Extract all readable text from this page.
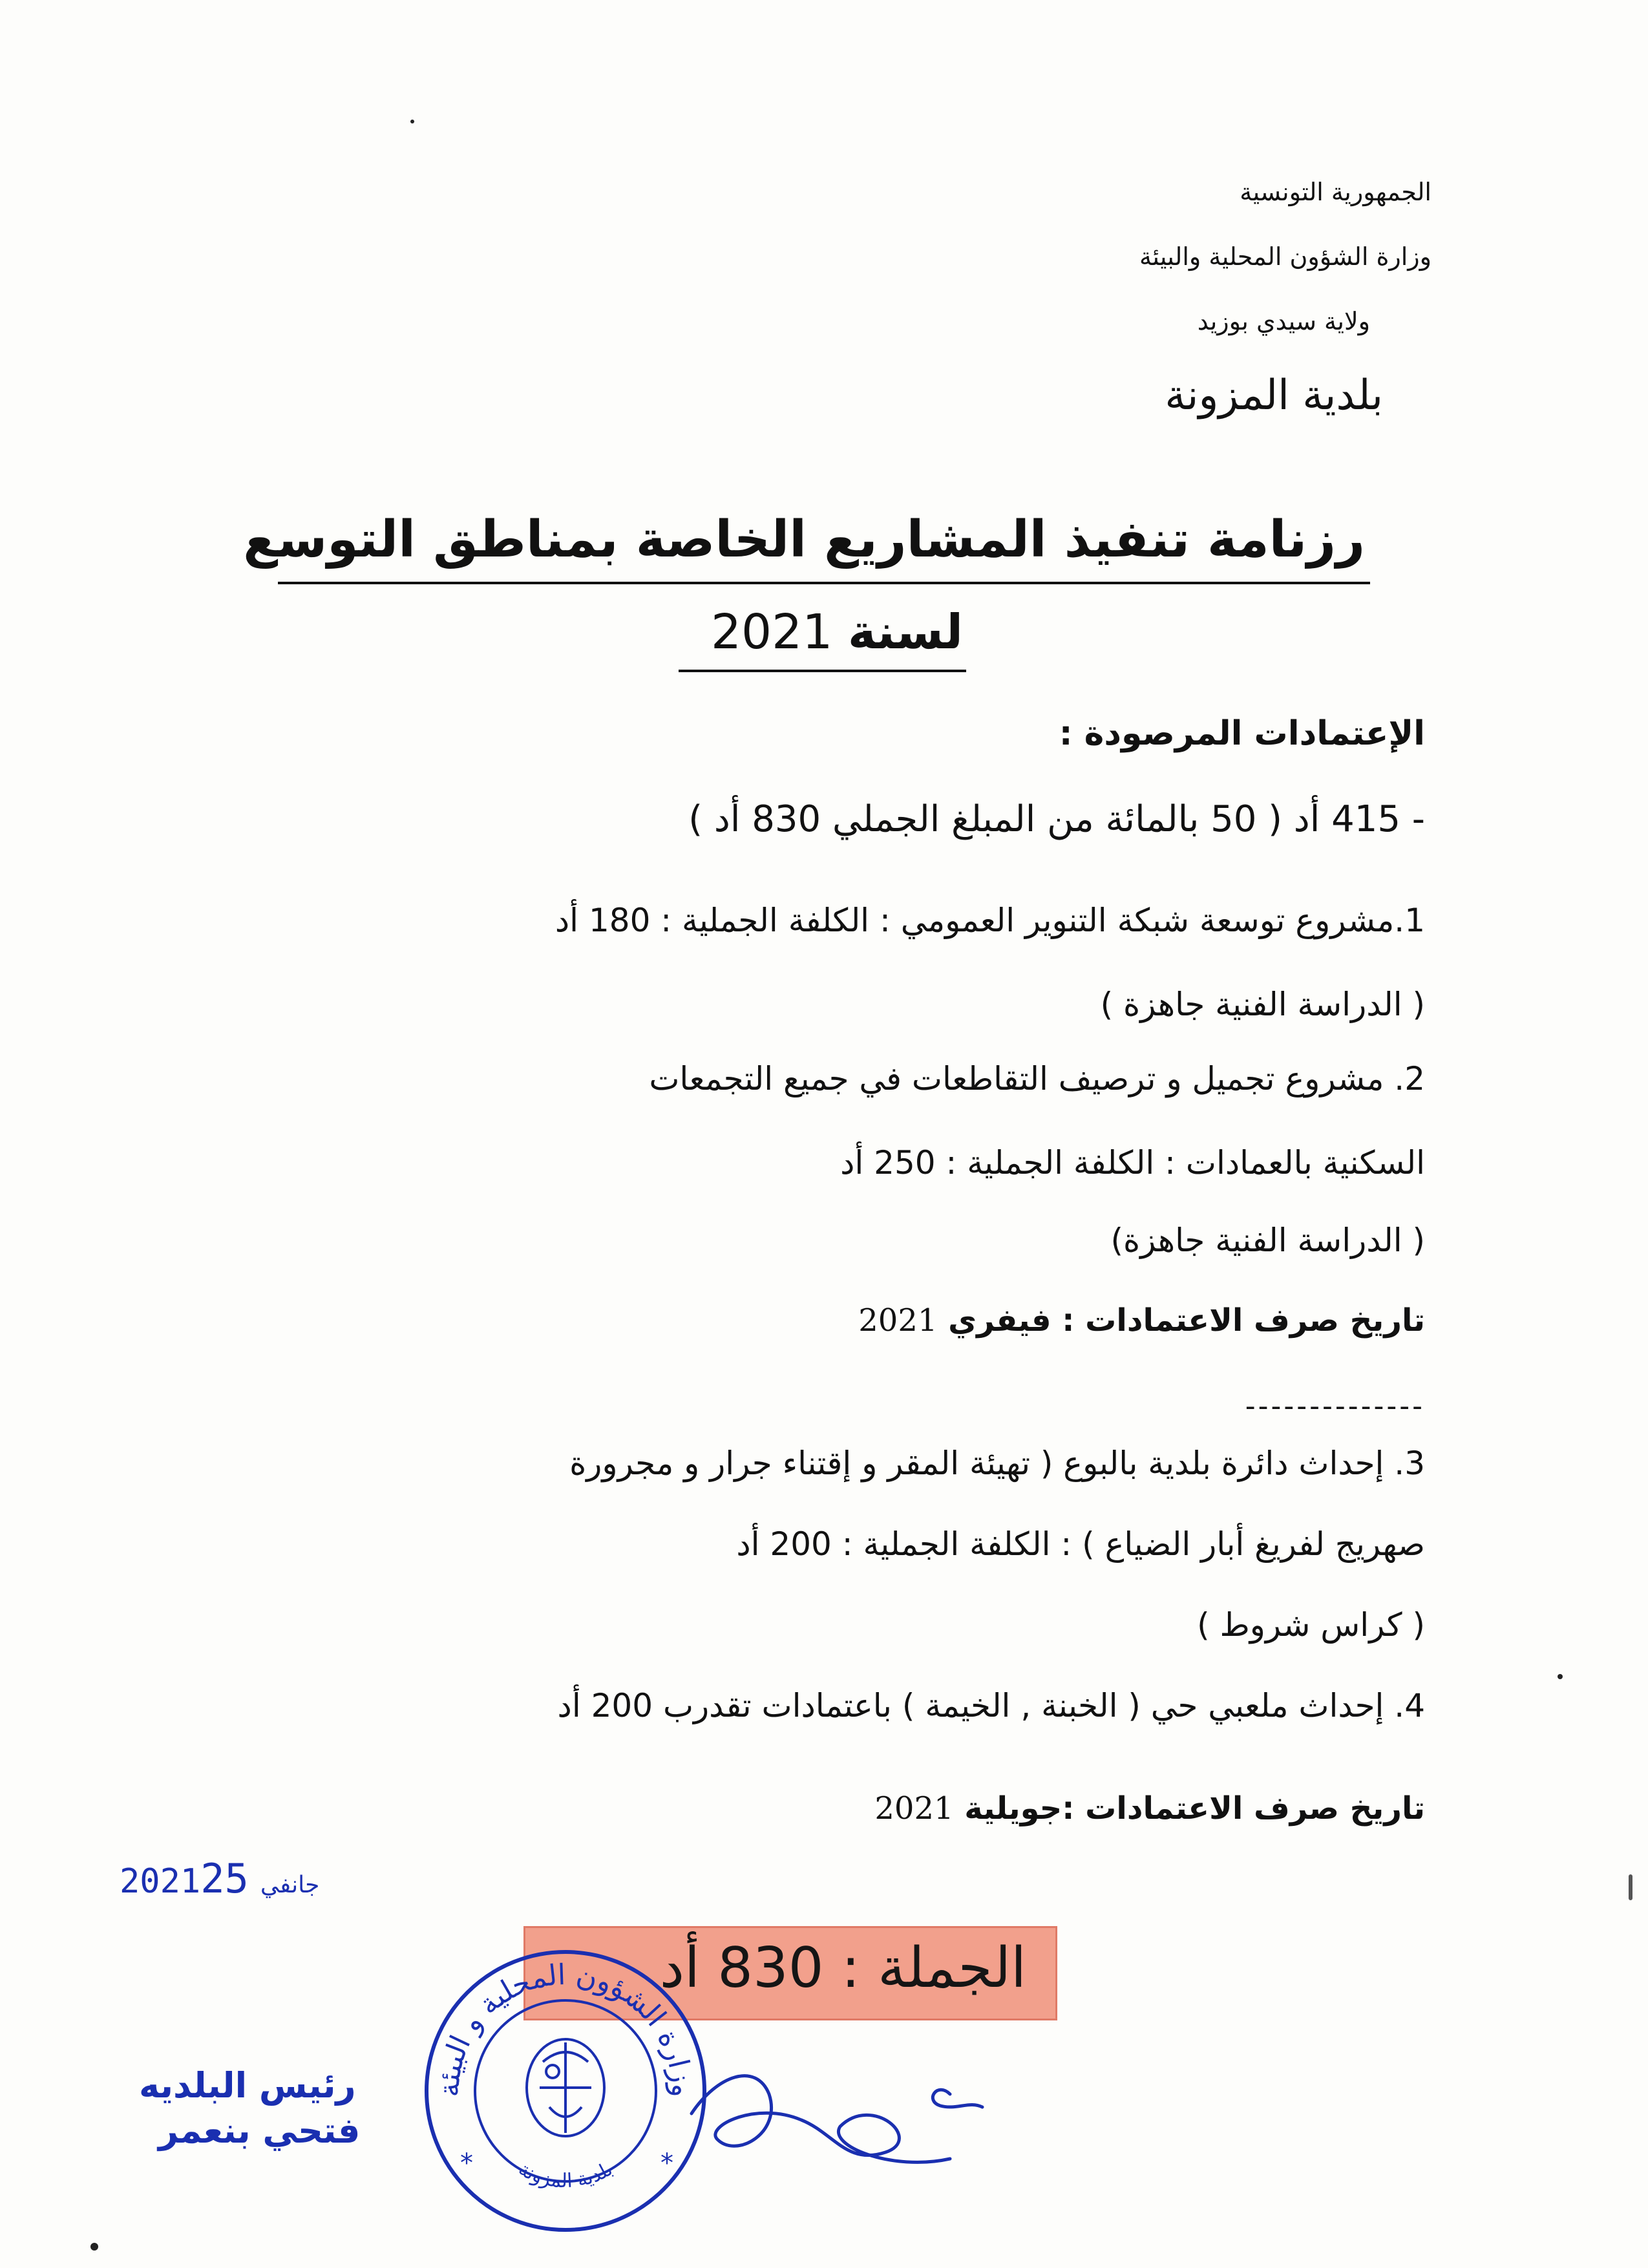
الجمهورية التونسية
وزارة الشؤون المحلية والبيئة
ولاية سيدي بوزيد
بلدية المزونة
رزنامة تنفيذ المشاريع الخاصة بمناطق التوسع
لسنة 2021
الإعتمادات المرصودة :
- 415 أد ( 50 بالمائة من المبلغ الجملي 830 أد )
1.مشروع توسعة شبكة التنوير العمومي : الكلفة الجملية : 180 أد
( الدراسة الفنية جاهزة )
2. مشروع تجميل و ترصيف التقاطعات في جميع التجمعات
السكنية بالعمادات : الكلفة الجملية : 250 أد
( الدراسة الفنية جاهزة)
تاريخ صرف الاعتمادات : فيفري 2021
--------------
3. إحداث دائرة بلدية بالبوع ( تهيئة المقر و إقتناء جرار و مجرورة
صهريج لفريغ أبار الضياع ) : الكلفة الجملية : 200 أد
( كراس شروط )
4. إحداث ملعبي حي ( الخبنة , الخيمة ) باعتمادات تقدرب 200 أد
تاريخ صرف الاعتمادات :جويلية 2021
2021	جانفي25
الجملة : 830 أد
وزارة الشؤون المحلية و البيئة
بلدية المزونة
*	*
رئيس البلديه
فتحي بنعمر
